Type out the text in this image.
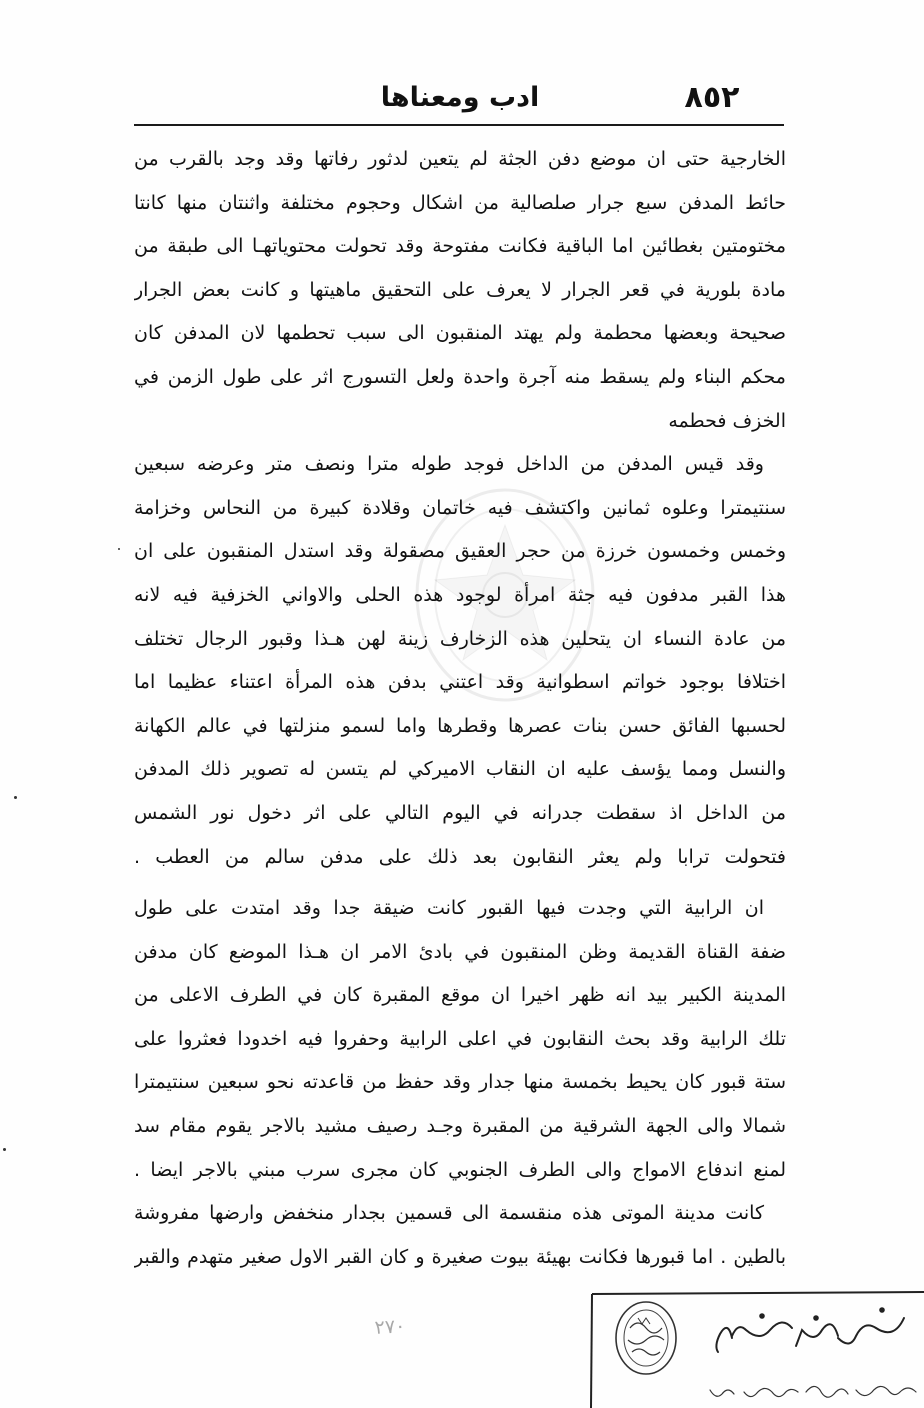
٨٥٢
ادب ومعناها
الخارجية حتى ان موضع دفن الجثة لم يتعين لدثور رفاتها وقد وجد بالقرب من
حائط المدفن سبع جرار صلصالية من اشكال وحجوم مختلفة واثنتان منها كانتا
مختومتين بغطائين اما الباقية فكانت مفتوحة وقد تحولت محتوياتهـا الى طبقة من
مادة بلورية في قعر الجرار لا يعرف على التحقيق ماهيتها و كانت بعض الجرار
صحيحة وبعضها محطمة ولم يهتد المنقبون الى سبب تحطمها لان المدفن كان
محكم البناء ولم يسقط منه آجرة واحدة ولعل التسورج اثر على طول الزمن في
الخزف فحطمه
وقد قيس المدفن من الداخل فوجد طوله مترا ونصف متر وعرضه سبعين
سنتيمترا وعلوه ثمانين واكتشف فيه خاتمان وقلادة كبيرة من النحاس وخزامة
وخمس وخمسون خرزة من حجر العقيق مصقولة وقد استدل المنقبون على ان
هذا القبر مدفون فيه جثة امرأة لوجود هذه الحلى والاواني الخزفية فيه لانه
من عادة النساء ان يتحلين هذه الزخارف زينة لهن هـذا وقبور الرجال تختلف
اختلافا بوجود خواتم اسطوانية وقد اعتني بدفن هذه المرأة اعتناء عظيما اما
لحسبها الفائق حسن بنات عصرها وقطرها واما لسمو منزلتها في عالم الكهانة
والنسل ومما يؤسف عليه ان النقاب الاميركي لم يتسن له تصوير ذلك المدفن
من الداخل اذ سقطت جدرانه في اليوم التالي على اثر دخول نور الشمس
فتحولت ترابا ولم يعثر النقابون بعد ذلك على مدفن سالم من العطب .
ان الرابية التي وجدت فيها القبور كانت ضيقة جدا وقد امتدت على طول
ضفة القناة القديمة وظن المنقبون في بادئ الامر ان هـذا الموضع كان مدفن
المدينة الكبير بيد انه ظهر اخيرا ان موقع المقبرة كان في الطرف الاعلى من
تلك الرابية وقد بحث النقابون في اعلى الرابية وحفروا فيه اخدودا فعثروا على
ستة قبور كان يحيط بخمسة منها جدار وقد حفظ من قاعدته نحو سبعين سنتيمترا
شمالا والى الجهة الشرقية من المقبرة وجـد رصيف مشيد بالاجر يقوم مقام سد
لمنع اندفاع الامواج والى الطرف الجنوبي كان مجرى سرب مبني بالاجر ايضا .
كانت مدينة الموتى هذه منقسمة الى قسمين بجدار منخفض وارضها مفروشة
بالطين . اما قبورها فكانت بهيئة بيوت صغيرة و كان القبر الاول صغير متهدم والقبر
٢٧٠
